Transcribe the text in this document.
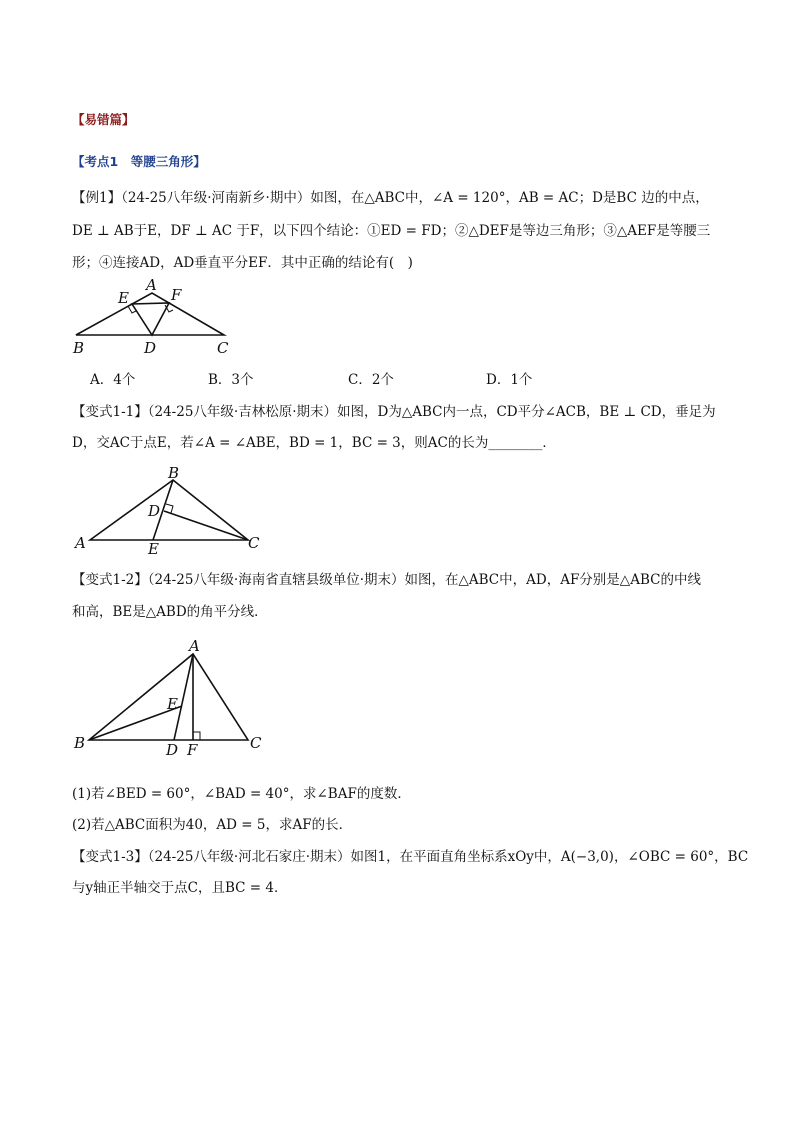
【易错篇】
【考点1　等腰三角形】
【例1】（24-25八年级·河南新乡·期中）如图，在△ABC中，∠A = 120°，AB = AC；D是BC 边的中点，
DE ⊥ AB于E，DF ⊥ AC 于F，以下四个结论：①ED = FD；②△DEF是等边三角形；③△AEF是等腰三
形；④连接AD，AD垂直平分EF．其中正确的结论有(　)
A
E	F
B	D	C
A．4个	B．3个	C．2个	D．1个
【变式1-1】（24-25八年级·吉林松原·期末）如图，D为△ABC内一点，CD平分∠ACB，BE ⊥ CD，垂足为
D，交AC于点E，若∠A = ∠ABE，BD = 1，BC = 3，则AC的长为________．
B
D
A	E	C
【变式1-2】（24-25八年级·海南省直辖县级单位·期末）如图，在△ABC中，AD，AF分别是△ABC的中线
和高，BE是△ABD的角平分线．
A
E
B	D F	C
(1)若∠BED = 60°，∠BAD = 40°，求∠BAF的度数．
(2)若△ABC面积为40，AD = 5，求AF的长．
【变式1-3】（24-25八年级·河北石家庄·期末）如图1，在平面直角坐标系xOy中，A(−3,0)，∠OBC = 60°，BC
与y轴正半轴交于点C，且BC = 4．
